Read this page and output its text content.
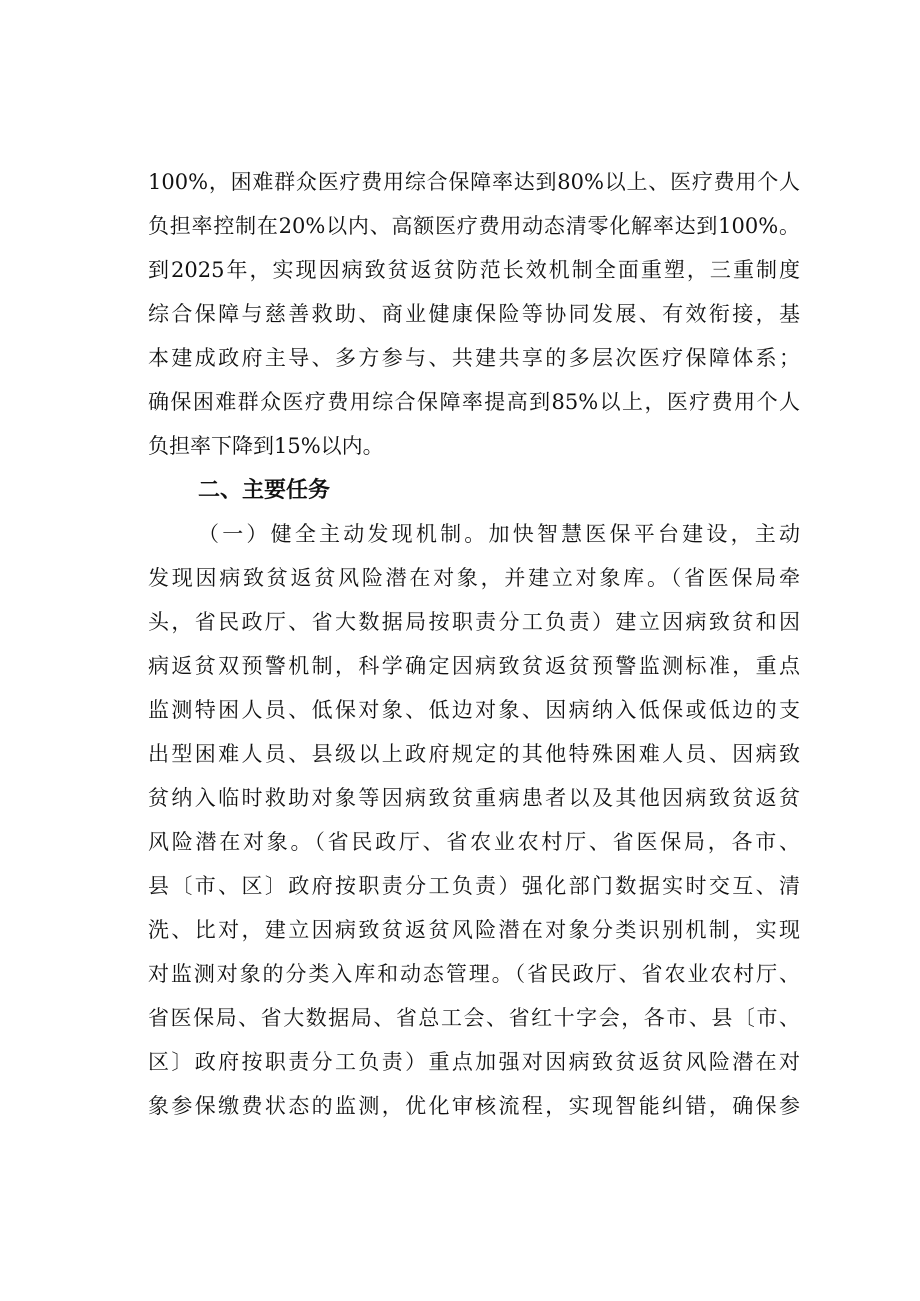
100%，困难群众医疗费用综合保障率达到80%以上、医疗费用个人
负担率控制在20%以内、高额医疗费用动态清零化解率达到100%。
到2025年，实现因病致贫返贫防范长效机制全面重塑，三重制度
综合保障与慈善救助、商业健康保险等协同发展、有效衔接，基
本建成政府主导、多方参与、共建共享的多层次医疗保障体系；
确保困难群众医疗费用综合保障率提高到85%以上，医疗费用个人
负担率下降到15%以内。
二、主要任务
（一）健全主动发现机制。加快智慧医保平台建设，主动
发现因病致贫返贫风险潜在对象，并建立对象库。（省医保局牵
头，省民政厅、省大数据局按职责分工负责）建立因病致贫和因
病返贫双预警机制，科学确定因病致贫返贫预警监测标准，重点
监测特困人员、低保对象、低边对象、因病纳入低保或低边的支
出型困难人员、县级以上政府规定的其他特殊困难人员、因病致
贫纳入临时救助对象等因病致贫重病患者以及其他因病致贫返贫
风险潜在对象。（省民政厅、省农业农村厅、省医保局，各市、
县〔市、区〕政府按职责分工负责）强化部门数据实时交互、清
洗、比对，建立因病致贫返贫风险潜在对象分类识别机制，实现
对监测对象的分类入库和动态管理。（省民政厅、省农业农村厅、
省医保局、省大数据局、省总工会、省红十字会，各市、县〔市、
区〕政府按职责分工负责）重点加强对因病致贫返贫风险潜在对
象参保缴费状态的监测，优化审核流程，实现智能纠错，确保参
